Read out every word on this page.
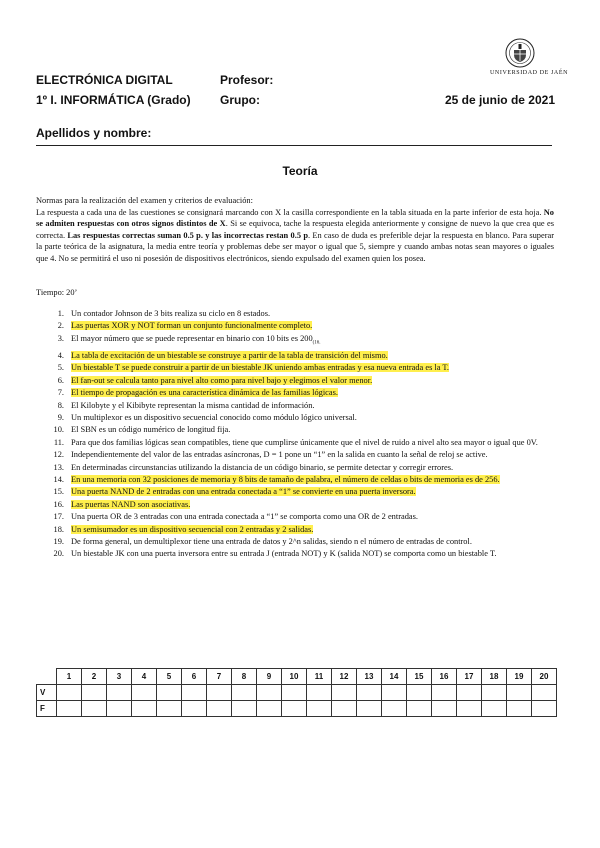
ELECTRÓNICA DIGITAL
1º I. INFORMÁTICA (Grado)
Profesor:
Grupo:	25 de junio de 2021
UNIVERSIDAD DE JAÉN
Apellidos y nombre:
Teoría

Normas para la realización del examen y criterios de evaluación:

La respuesta a cada una de las cuestiones se consignará marcando con X la casilla correspondiente en la tabla situada en la parte inferior de esta hoja. No se admiten respuestas con otros signos distintos de X. Si se equivoca, tache la respuesta elegida anteriormente y consigne de nuevo la que crea que es correcta. Las respuestas correctas suman 0.5 p. y las incorrectas restan 0.5 p. En caso de duda es preferible dejar la respuesta en blanco. Para superar la parte teórica de la asignatura, la media entre teoría y problemas debe ser mayor o igual que 5, siempre y cuando ambas notas sean mayores o iguales que 4. No se permitirá el uso ni posesión de dispositivos electrónicos, siendo expulsado del examen quien los posea.

Tiempo: 20’
1. Un contador Johnson de 3 bits realiza su ciclo en 8 estados.
2. Las puertas XOR y NOT forman un conjunto funcionalmente completo.
3. El mayor número que se puede representar en binario con 10 bits es $200_{(16.}$
4. La tabla de excitación de un biestable se construye a partir de la tabla de transición del mismo.
5. Un biestable T se puede construir a partir de un biestable JK uniendo ambas entradas y esa nueva entrada es la T.
6. El fan-out se calcula tanto para nivel alto como para nivel bajo y elegimos el valor menor.
7. El tiempo de propagación es una característica dinámica de las familias lógicas.
8. El Kilobyte y el Kibibyte representan la misma cantidad de información.
9. Un multiplexor es un dispositivo secuencial conocido como módulo lógico universal.
10. El SBN es un código numérico de longitud fija.
11. Para que dos familias lógicas sean compatibles, tiene que cumplirse únicamente que el nivel de ruido a nivel alto sea mayor o igual que 0V.
12. Independientemente del valor de las entradas asíncronas, D = 1 pone un “1” en la salida en cuanto la señal de reloj se active.
13. En determinadas circunstancias utilizando la distancia de un código binario, se permite detectar y corregir errores.
14. En una memoria con 32 posiciones de memoria y 8 bits de tamaño de palabra, el número de celdas o bits de memoria es de 256.
15. Una puerta NAND de 2 entradas con una entrada conectada a “1” se convierte en una puerta inversora.
16. Las puertas NAND son asociativas.
17. Una puerta OR de 3 entradas con una entrada conectada a “1” se comporta como una OR de 2 entradas.
18. Un semisumador es un dispositivo secuencial con 2 entradas y 2 salidas.
19. De forma general, un demultiplexor tiene una entrada de datos y 2^n salidas, siendo n el número de entradas de control.
20. Un biestable JK con una puerta inversora entre su entrada J (entrada NOT) y K (salida NOT) se comporta como un biestable T.
	1	2	3	4	5	6	7	8	9	10	11	12	13	14	15	16	17	18	19	20
V																				
F																				
